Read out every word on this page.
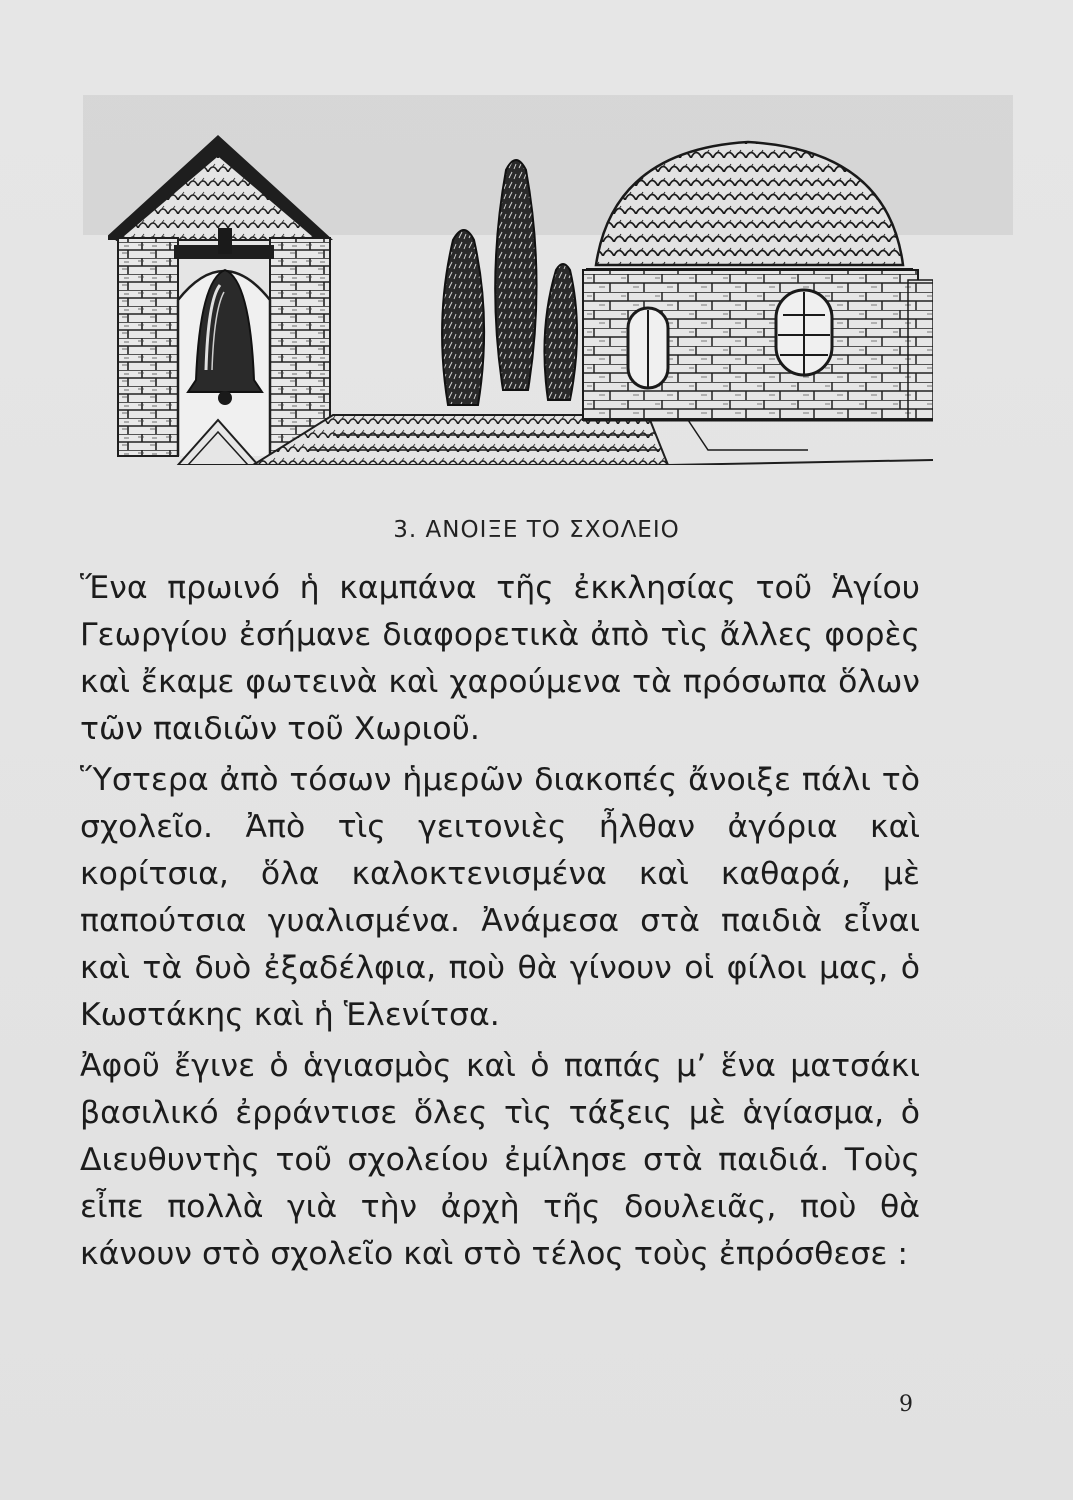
3. ΑΝΟΙΞΕ ΤΟ ΣΧΟΛΕΙΟ

Ἕνα πρωινό ἡ καμπάνα τῆς ἐκκλησίας τοῦ Ἁγίου Γεωργίου ἐσήμανε διαφορετικὰ ἀπὸ τὶς ἄλλες φορὲς καὶ ἔκαμε φωτεινὰ καὶ χαρούμενα τὰ πρόσωπα ὅλων τῶν παιδιῶν τοῦ Χωριοῦ.

Ὕστερα ἀπὸ τόσων ἡμερῶν διακοπές ἄνοιξε πάλι τὸ σχολεῖο. Ἀπὸ τὶς γειτονιὲς ἦλθαν ἀγόρια καὶ κορίτσια, ὅλα καλοκτενισμένα καὶ καθαρά, μὲ παπούτσια γυαλισμένα. Ἀνάμεσα στὰ παιδιὰ εἶναι καὶ τὰ δυὸ ἐξαδέλφια, ποὺ θὰ γίνουν οἱ φίλοι μας, ὁ Κωστάκης καὶ ἡ Ἑλενίτσα.

Ἀφοῦ ἔγινε ὁ ἁγιασμὸς καὶ ὁ παπάς μ’ ἕνα ματσάκι βασιλικό ἐρράντισε ὅλες τὶς τάξεις μὲ ἁγίασμα, ὁ Διευθυντὴς τοῦ σχολείου ἐμίλησε στὰ παιδιά. Τοὺς εἶπε πολλὰ γιὰ τὴν ἀρχὴ τῆς δουλειᾶς, ποὺ θὰ κάνουν στὸ σχολεῖο καὶ στὸ τέλος τοὺς ἐπρόσθεσε :

9
